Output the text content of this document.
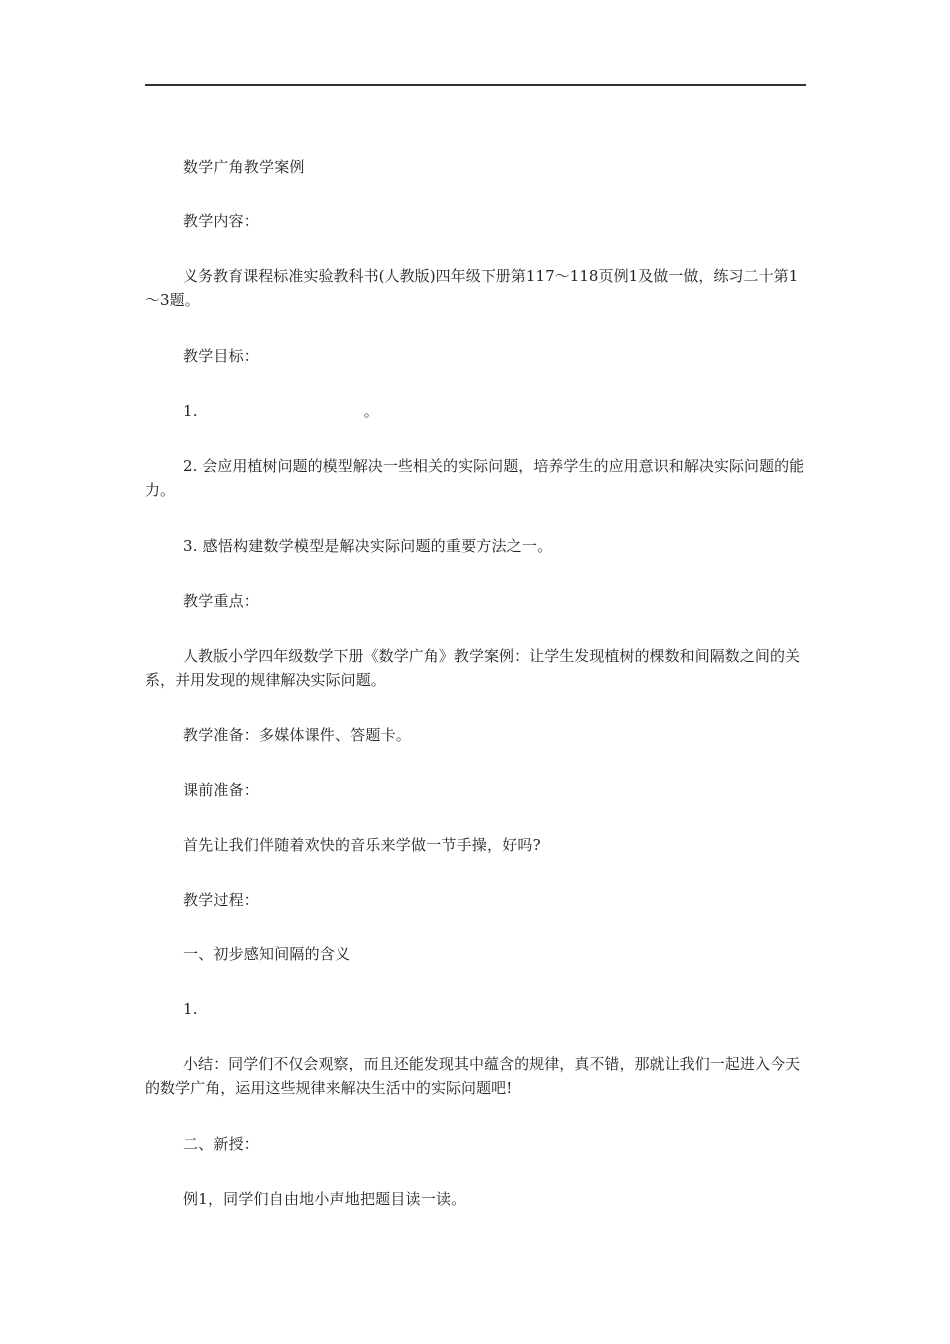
数学广角教学案例

教学内容：

义务教育课程标准实验教科书(人教版)四年级下册第117～118页例1及做一做，练习二十第1～3题。

教学目标：

1.	。

2. 会应用植树问题的模型解决一些相关的实际问题，培养学生的应用意识和解决实际问题的能力。

3. 感悟构建数学模型是解决实际问题的重要方法之一。

教学重点：

人教版小学四年级数学下册《数学广角》教学案例：让学生发现植树的棵数和间隔数之间的关系，并用发现的规律解决实际问题。

教学准备：多媒体课件、答题卡。

课前准备：

首先让我们伴随着欢快的音乐来学做一节手操，好吗?

教学过程：

一、初步感知间隔的含义

1.

小结：同学们不仅会观察，而且还能发现其中蕴含的规律，真不错，那就让我们一起进入今天的数学广角，运用这些规律来解决生活中的实际问题吧!

二、新授：

例1，同学们自由地小声地把题目读一读。
